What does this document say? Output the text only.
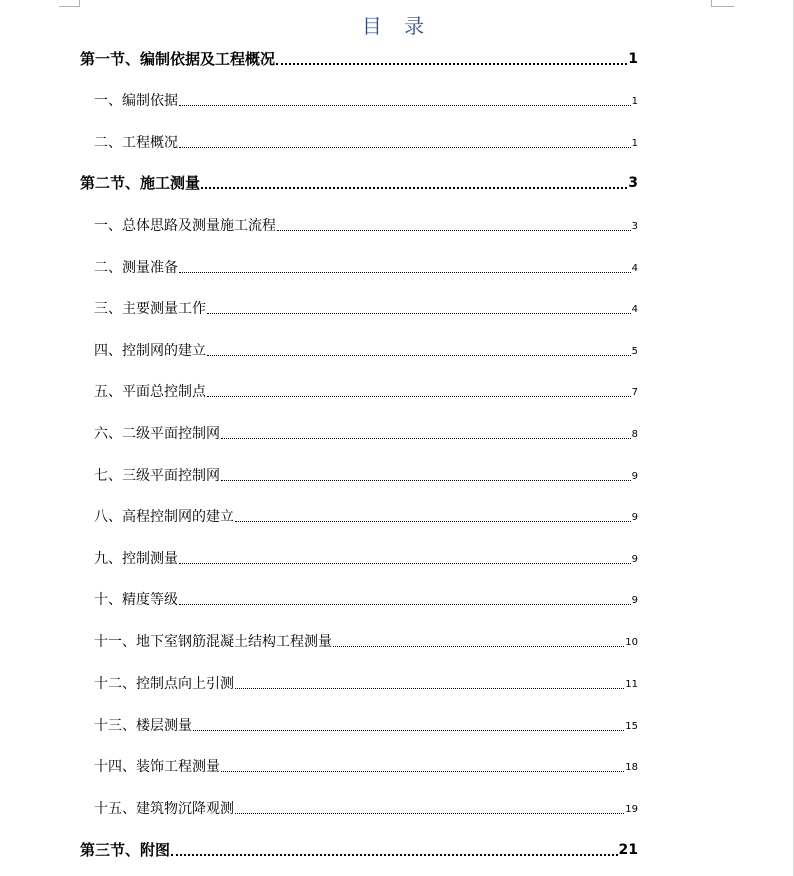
目 录
第一节、编制依据及工程概况	1
一、编制依据	1
二、工程概况	1
第二节、施工测量	3
一、总体思路及测量施工流程	3
二、测量准备	4
三、主要测量工作	4
四、控制网的建立	5
五、平面总控制点	7
六、二级平面控制网	8
七、三级平面控制网	9
八、高程控制网的建立	9
九、控制测量	9
十、精度等级	9
十一、地下室钢筋混凝土结构工程测量	10
十二、控制点向上引测	11
十三、楼层测量	15
十四、装饰工程测量	18
十五、建筑物沉降观测	19
第三节、附图	21
